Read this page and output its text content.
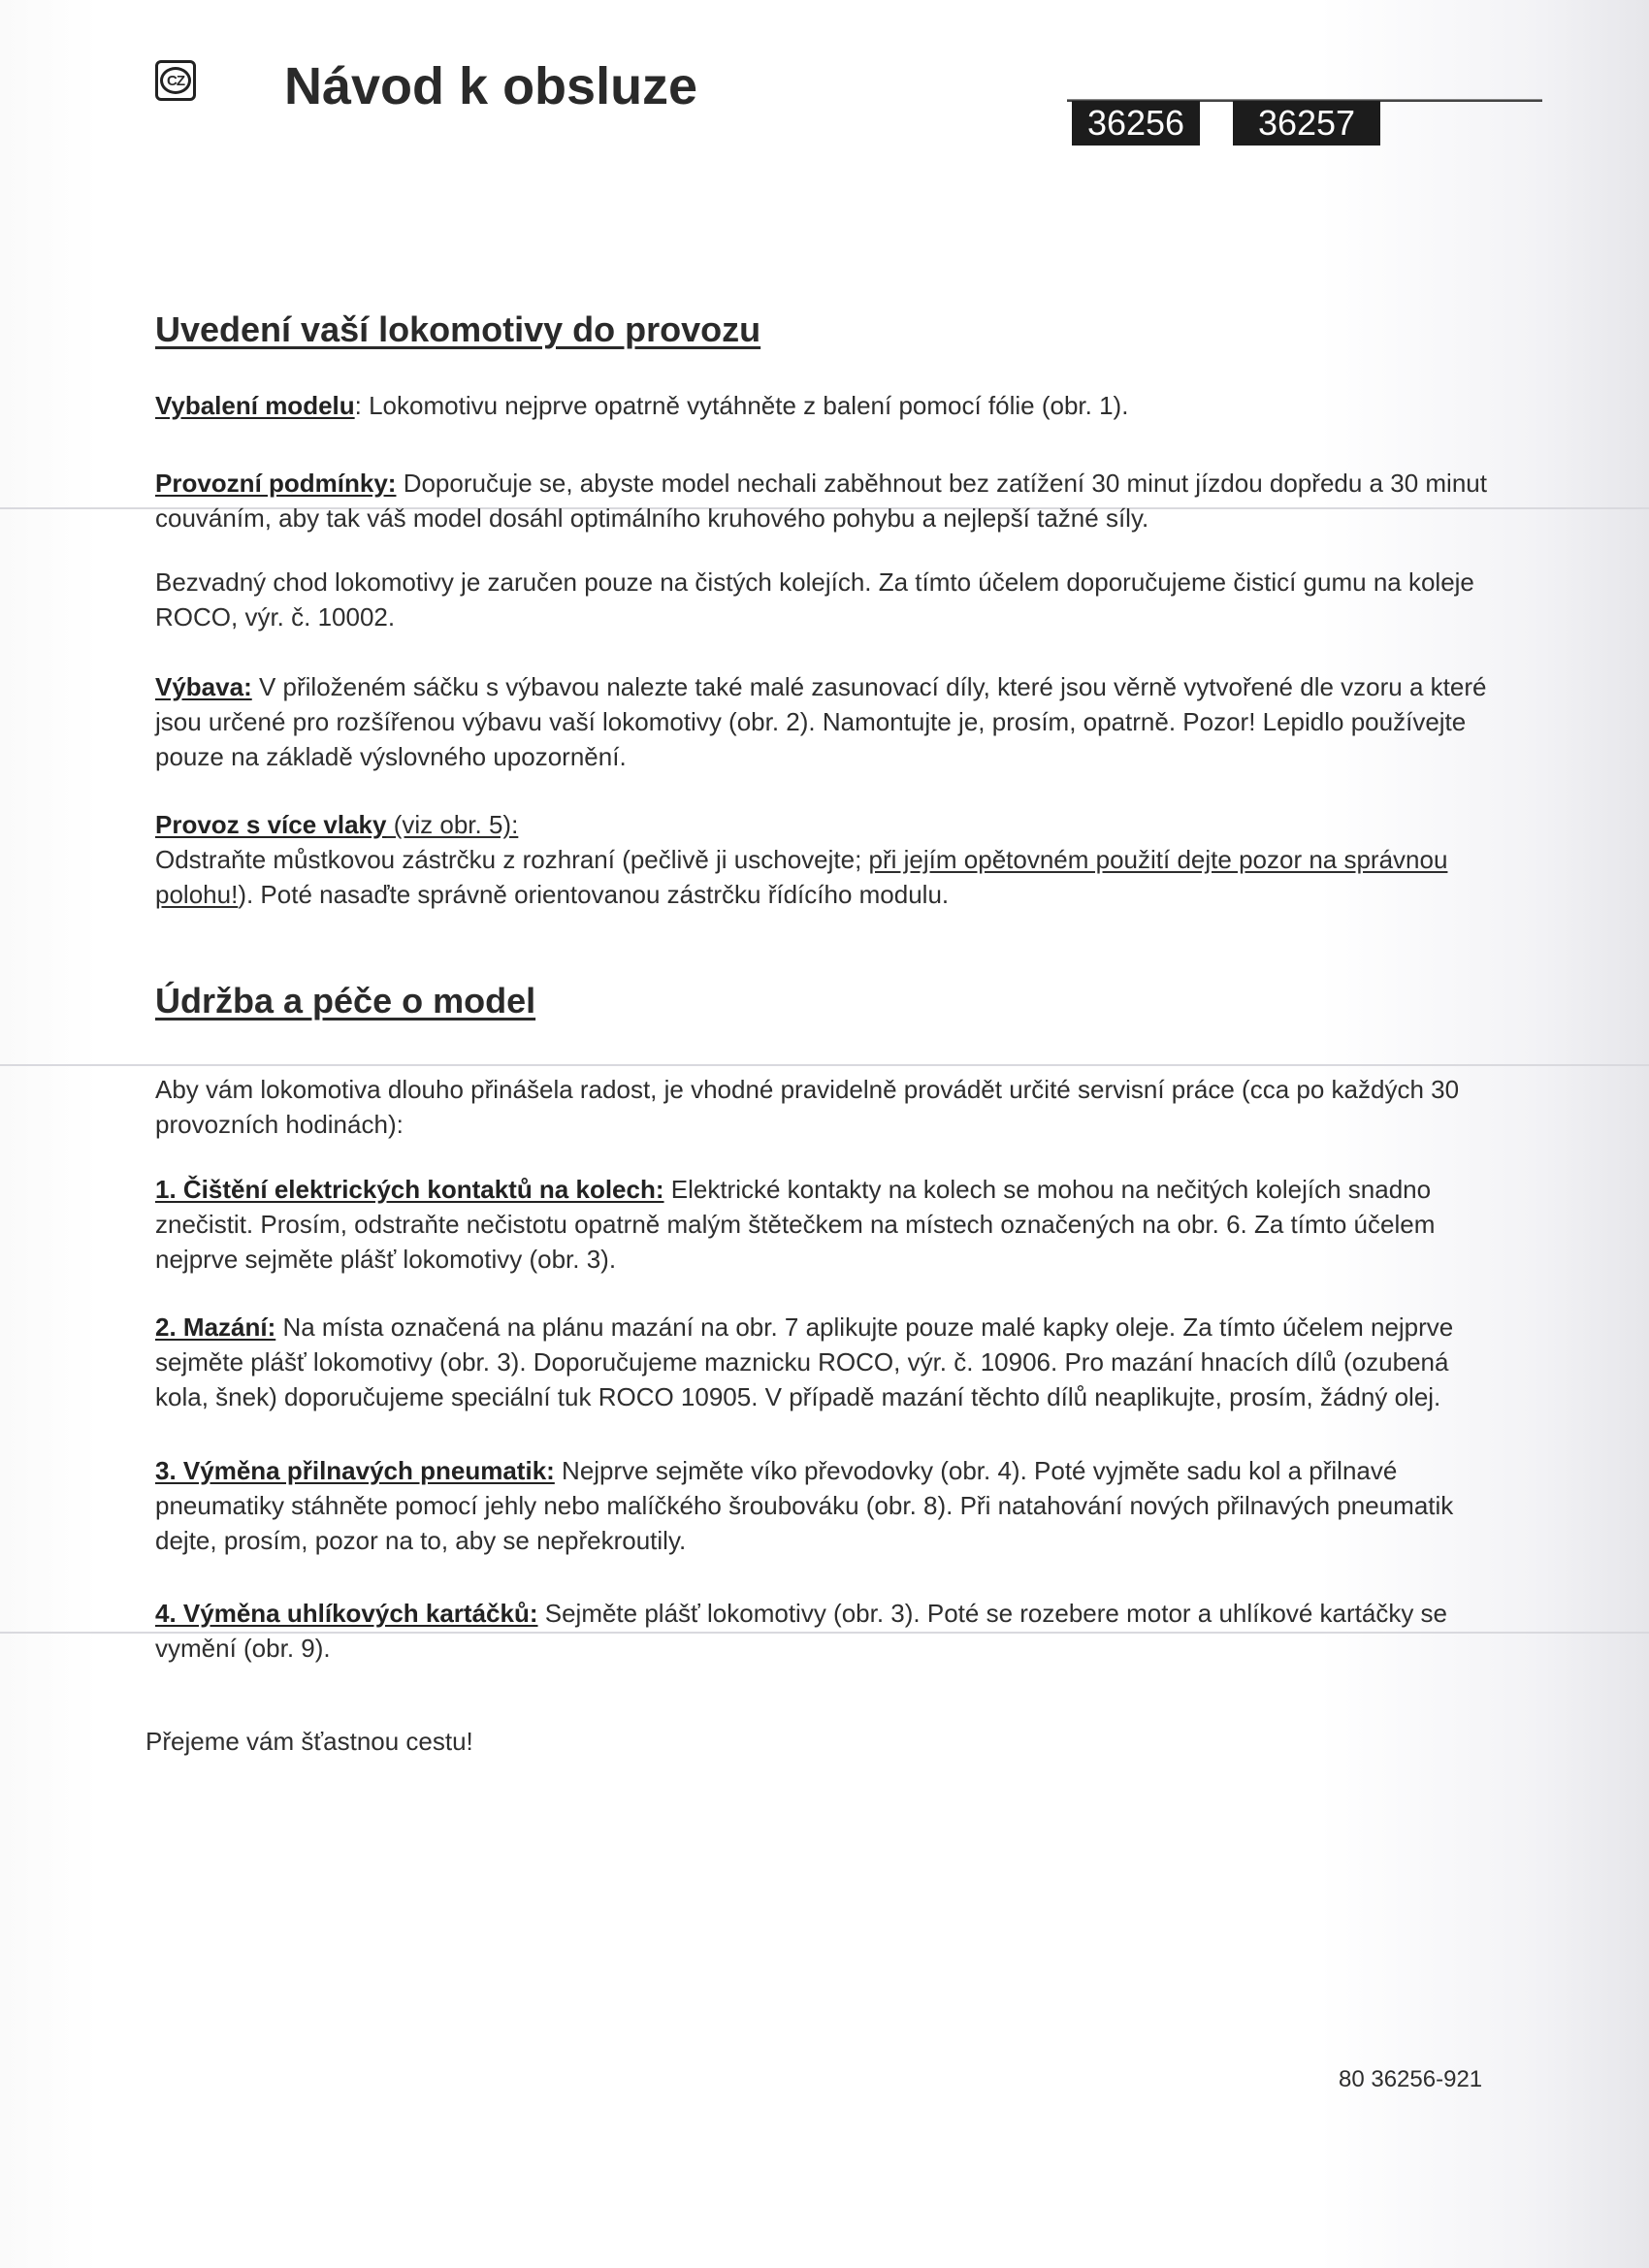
CZ Návod k obsluze
36256	36257
Uvedení vaší lokomotivy do provozu
Vybalení modelu: Lokomotivu nejprve opatrně vytáhněte z balení pomocí fólie (obr. 1).
Provozní podmínky: Doporučuje se, abyste model nechali zaběhnout bez zatížení 30 minut jízdou dopředu a 30 minut couváním, aby tak váš model dosáhl optimálního kruhového pohybu a nejlepší tažné síly.
Bezvadný chod lokomotivy je zaručen pouze na čistých kolejích. Za tímto účelem doporučujeme čisticí gumu na koleje ROCO, výr. č. 10002.
Výbava: V přiloženém sáčku s výbavou nalezte také malé zasunovací díly, které jsou věrně vytvořené dle vzoru a které jsou určené pro rozšířenou výbavu vaší lokomotivy (obr. 2). Namontujte je, prosím, opatrně. Pozor! Lepidlo používejte pouze na základě výslovného upozornění.
Provoz s více vlaky (viz obr. 5):
Odstraňte můstkovou zástrčku z rozhraní (pečlivě ji uschovejte; při jejím opětovném použití dejte pozor na správnou polohu!). Poté nasaďte správně orientovanou zástrčku řídícího modulu.
Údržba a péče o model
Aby vám lokomotiva dlouho přinášela radost, je vhodné pravidelně provádět určité servisní práce (cca po každých 30 provozních hodinách):
1. Čištění elektrických kontaktů na kolech: Elektrické kontakty na kolech se mohou na nečitých kolejích snadno znečistit. Prosím, odstraňte nečistotu opatrně malým štětečkem na místech označených na obr. 6. Za tímto účelem nejprve sejměte plášť lokomotivy (obr. 3).
2. Mazání: Na místa označená na plánu mazání na obr. 7 aplikujte pouze malé kapky oleje. Za tímto účelem nejprve sejměte plášť lokomotivy (obr. 3). Doporučujeme maznicku ROCO, výr. č. 10906. Pro mazání hnacích dílů (ozubená kola, šnek) doporučujeme speciální tuk ROCO 10905. V případě mazání těchto dílů neaplikujte, prosím, žádný olej.
3. Výměna přilnavých pneumatik: Nejprve sejměte víko převodovky (obr. 4). Poté vyjměte sadu kol a přilnavé pneumatiky stáhněte pomocí jehly nebo malíčkého šroubováku (obr. 8). Při natahování nových přilnavých pneumatik dejte, prosím, pozor na to, aby se nepřekroutily.
4. Výměna uhlíkových kartáčků: Sejměte plášť lokomotivy (obr. 3). Poté se rozebere motor a uhlíkové kartáčky se vymění (obr. 9).
Přejeme vám šťastnou cestu!
80 36256-921
